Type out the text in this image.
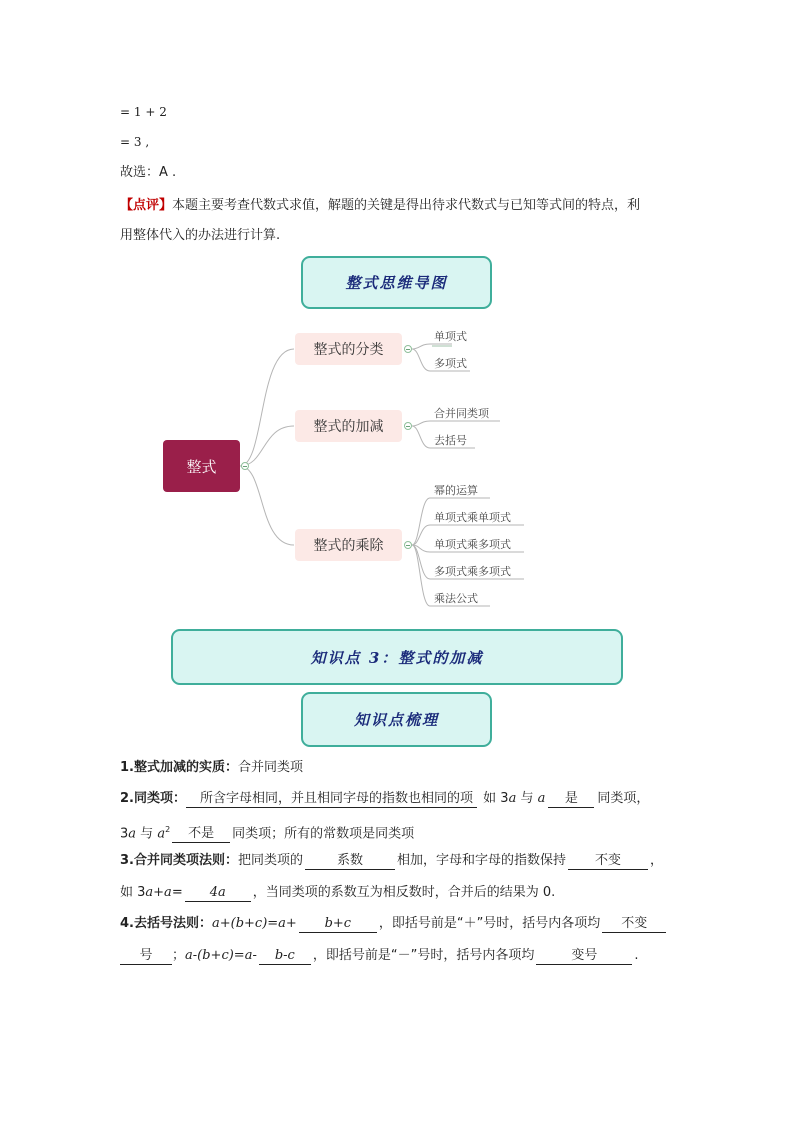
= 1 + 2
= 3 ,
故选：A .
【点评】本题主要考查代数式求值，解题的关键是得出待求代数式与已知等式间的特点，利
用整体代入的办法进行计算.
整式思维导图
整式
整式的分类
单项式
多项式
整式的加减
合并同类项
去括号
整式的乘除
幂的运算
单项式乘单项式
单项式乘多项式
多项式乘多项式
乘法公式
知识点 3：整式的加减
知识点梳理
1.整式加减的实质：合并同类项
2.同类项： 所含字母相同，并且相同字母的指数也相同的项 如 3a 与 a 是 同类项，
3a 与 $a^2$ 不是 同类项；所有的常数项是同类项
3.合并同类项法则：把同类项的	系数	相加，字母和字母的指数保持 不变 ，
如 3a+a= 4a ，当同类项的系数互为相反数时，合并后的结果为 0.
4.去括号法则：a+(b+c)=a+ b+c ，即括号前是“＋”号时，括号内各项均 不变
号 ；a-(b+c)=a- b-c ，即括号前是“－”号时，括号内各项均	变号	.
